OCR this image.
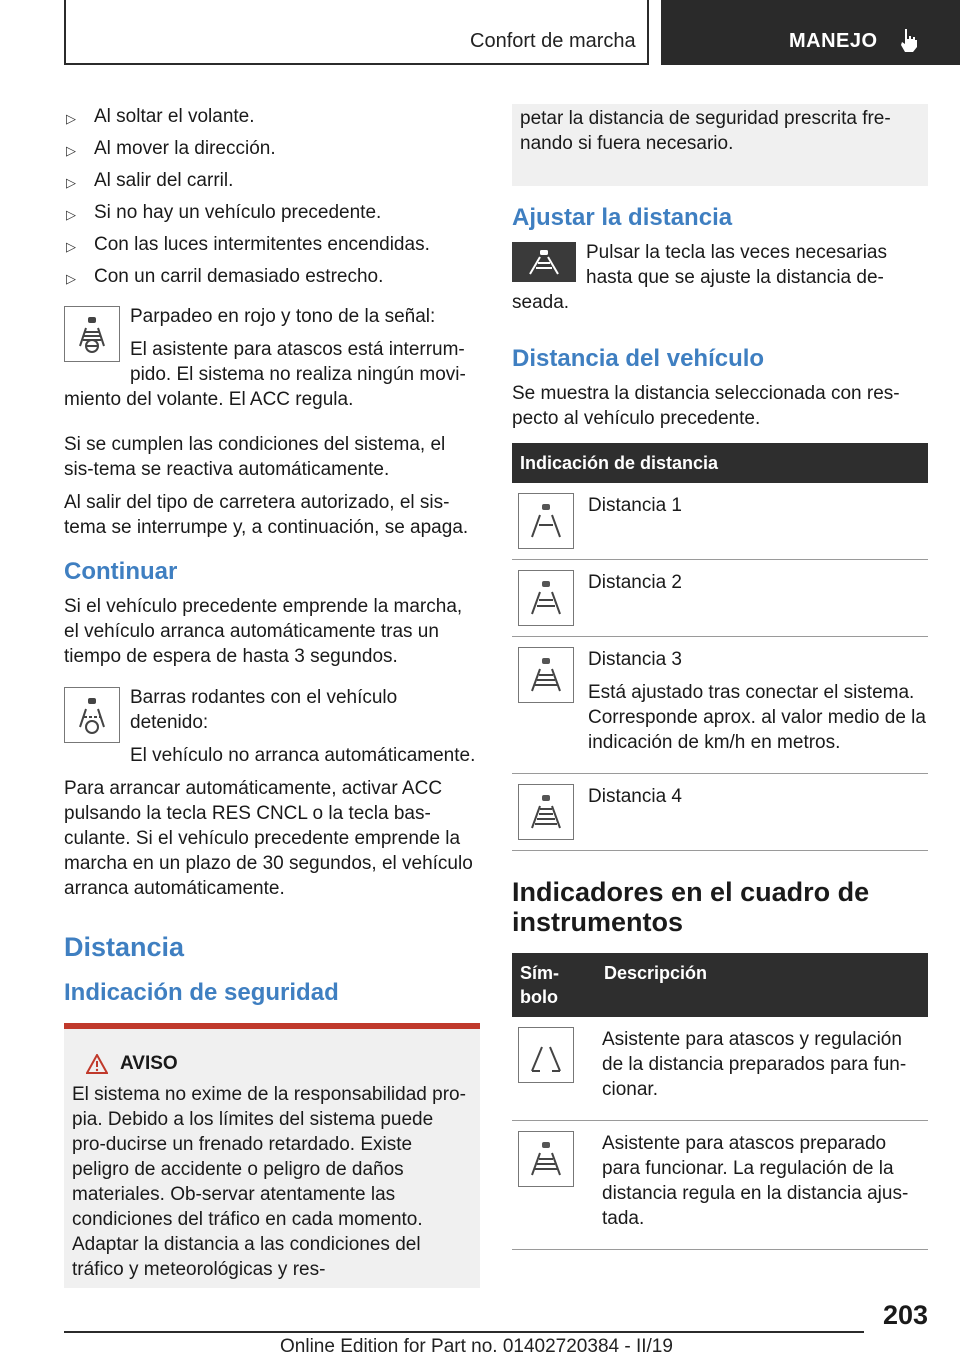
Confort de marcha	MANEJO
▷ Al soltar el volante.
▷ Al mover la dirección.
▷ Al salir del carril.
▷ Si no hay un vehículo precedente.
▷ Con las luces intermitentes encendidas.
▷ Con un carril demasiado estrecho.
Parpadeo en rojo y tono de la señal:
El asistente para atascos está interrum-pido. El sistema no realiza ningún movi-miento del volante. El ACC regula.
Si se cumplen las condiciones del sistema, el sis-tema se reactiva automáticamente.
Al salir del tipo de carretera autorizado, el sis-tema se interrumpe y, a continuación, se apaga.
Continuar
Si el vehículo precedente emprende la marcha, el vehículo arranca automáticamente tras un tiempo de espera de hasta 3 segundos.
Barras rodantes con el vehículo detenido:
El vehículo no arranca automáticamente.
Para arrancar automáticamente, activar ACC pulsando la tecla RES CNCL o la tecla bas-culante. Si el vehículo precedente emprende la marcha en un plazo de 30 segundos, el vehículo arranca automáticamente.
Distancia
Indicación de seguridad
AVISO
El sistema no exime de la responsabilidad pro-pia. Debido a los límites del sistema puede pro-ducirse un frenado retardado. Existe peligro de accidente o peligro de daños materiales. Ob-servar atentamente las condiciones del tráfico en cada momento. Adaptar la distancia a las condiciones del tráfico y meteorológicas y res-
petar la distancia de seguridad prescrita fre-nando si fuera necesario.
Ajustar la distancia
Pulsar la tecla las veces necesarias hasta que se ajuste la distancia de-seada.
Distancia del vehículo
Se muestra la distancia seleccionada con res-pecto al vehículo precedente.
Indicación de distancia	

Distancia 1

Distancia 2

Distancia 3

Está ajustado tras conectar el sistema. Corresponde aprox. al valor medio de la indicación de km/h en metros.

Distancia 4

Indicadores en el cuadro de instrumentos
Sím-bolo	Descripción

Asistente para atascos y regulación de la distancia preparados para fun-cionar.

Asistente para atascos preparado para funcionar. La regulación de la distancia regula en la distancia ajus-tada.

203
Online Edition for Part no. 01402720384 - II/19
